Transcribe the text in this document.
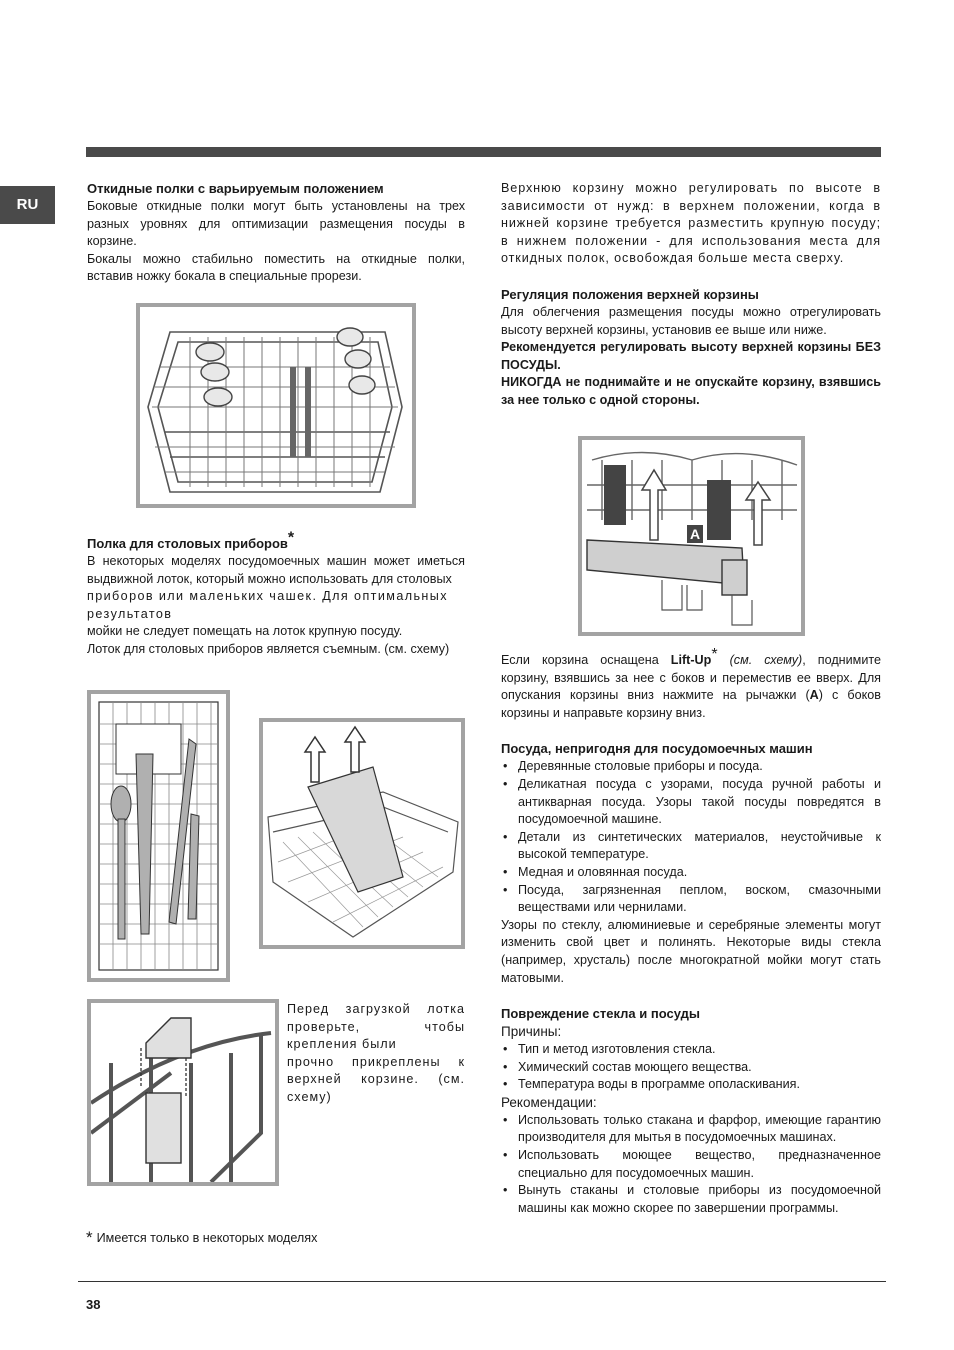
RU
Откидные полки с варьируемым положением

Боковые откидные полки могут быть установлены на трех разных уровнях для оптимизации размещения посуды в корзине.

Бокалы можно стабильно поместить на откидные полки, вставив ножку бокала в специальные прорези.

Полка для столовых приборов*

В некоторых моделях посудомоечных машин может иметься выдвижной лоток, который можно использовать для столовых

приборов или маленьких чашек. Для оптимальных результатов

мойки не следует помещать на лоток крупную посуду.

Лоток для столовых приборов является съемным. (см. схему)

Перед загрузкой лотка проверьте, чтобы крепления были

прочно прикреплены к верхней корзине. (см. схему)

* Имеется только в некоторых моделях

Верхнюю корзину можно регулировать по высоте в зависимости от нужд: в верхнем положении, когда в нижней корзине требуется разместить крупную посуду; в нижнем положении - для использования места для откидных полок, освобождая больше места сверху.

Регуляция положения верхней корзины

Для облегчения размещения посуды можно отрегулировать высоту верхней корзины, установив ее выше или ниже.

Рекомендуется регулировать высоту верхней корзины БЕЗ ПОСУДЫ.

НИКОГДА не поднимайте и не опускайте корзину, взявшись за нее только с одной стороны.

A

Если корзина оснащена Lift-Up* (см. схему), поднимите корзину, взявшись за нее с боков и переместив ее вверх. Для опускания корзины вниз нажмите на рычажки (A) с боков корзины и направьте корзину вниз.

Посуда, непригодня для посудомоечных машин
• Деревянные столовые приборы и посуда.
• Деликатная посуда с узорами, посуда ручной работы и антикварная посуда. Узоры такой посуды повредятся в посудомоечной машине.
• Детали из синтетических материалов, неустойчивые к высокой температуре.
• Медная и оловянная посуда.
• Посуда, загрязненная пеплом, воском, смазочными веществами или чернилами.

Узоры по стеклу, алюминиевые и серебряные элементы могут изменить свой цвет и полинять. Некоторые виды стекла (например, хрусталь) после многократной мойки могут стать матовыми.

Повреждение стекла и посуды

Причины:

• Тип и метод изготовления стекла.
• Химический состав моющего вещества.
• Температура воды в программе ополаскивания.

Рекомендации:

• Использовать только стакана и фарфор, имеющие гарантию производителя для мытья в посудомоечных машинах.
• Использовать моющее вещество, предназначенное специально для посудомоечных машин.
• Вынуть стаканы и столовые приборы из посудомоечной машины как можно скорее по завершении программы.
38
